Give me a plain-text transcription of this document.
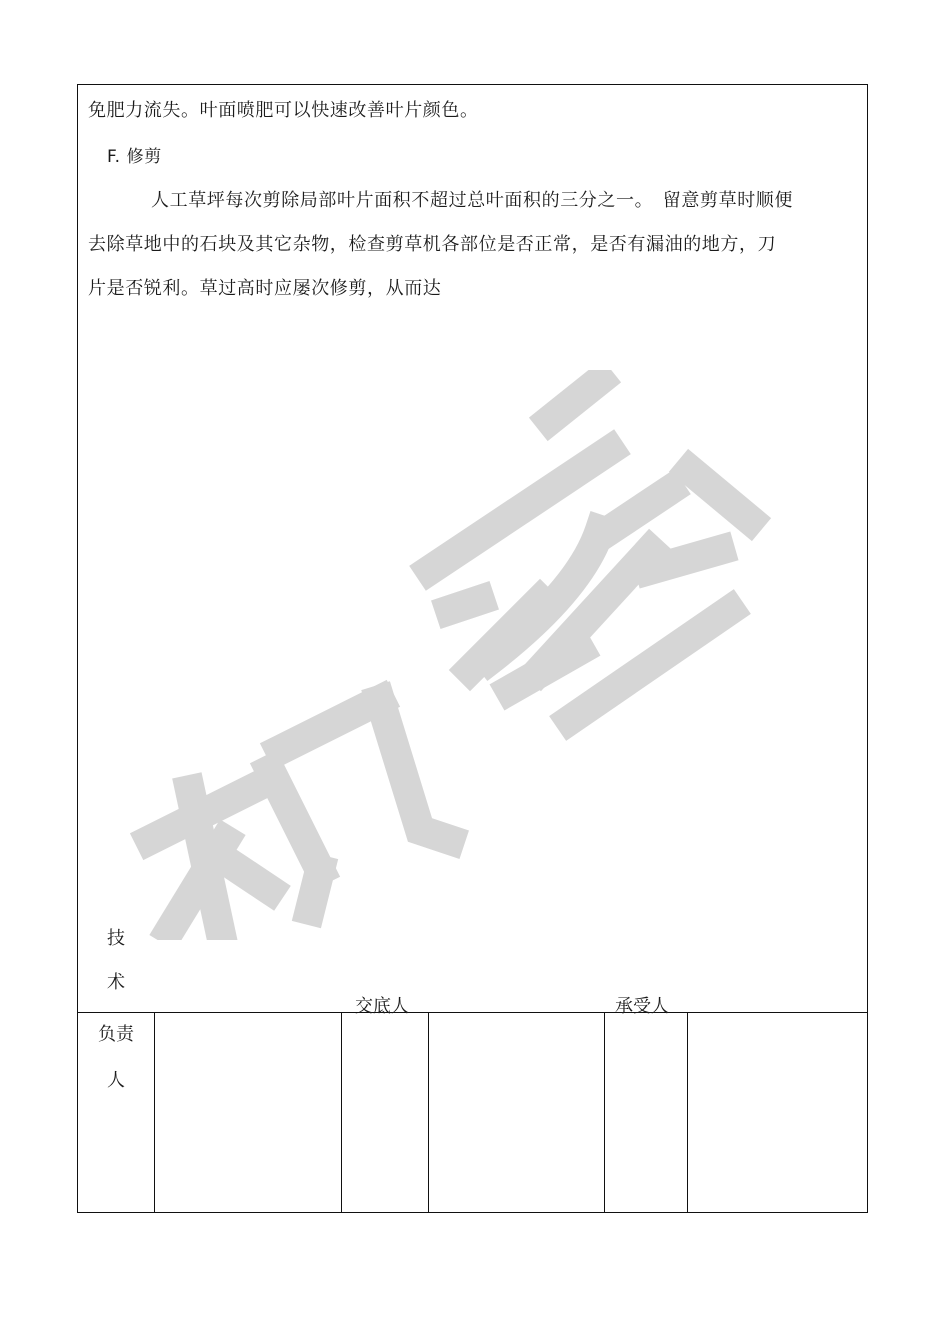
免肥力流失。叶面喷肥可以快速改善叶片颜色。
F. 修剪
人工草坪每次剪除局部叶片面积不超过总叶面积的三分之一。　留意剪草时顺便
去除草地中的石块及其它杂物，检查剪草机各部位是否正常，是否有漏油的地方，刀
片是否锐利。草过高时应屡次修剪，从而达
技
术
负责
人
交底人	承受人
